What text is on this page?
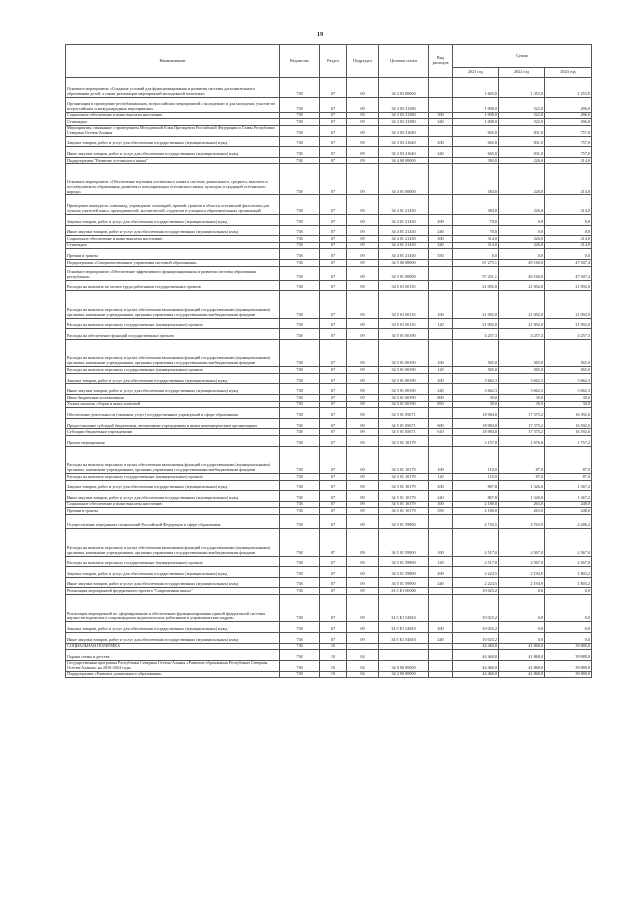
19
Наименование	Ведомство	Раздел	Подраздел	Целевая статья	Вид расходов	Сумма		
						2021 год	2022 год	2023 год
Основное мероприятие «Создание условий для функционирования и развития системы дополнительного образования детей, а также реализации мероприятий молодежной политики»	738	07	09	34 3 03 00000		1 665,0	1 353,0	1 253,0
Организация и проведение республиканских, всероссийских мероприятий с молодежью и для молодежи, участие во всероссийских и международных мероприятиях	738	07	09	34 3 03 21580		1 000,0	522,0	496,0
Социальное обеспечение и иные выплаты населению	738	07	09	34 3 03 21580	300	1 000,0	522,0	496,0
Стипендии	738	07	09	34 3 03 21580	340	1 000,0	522,0	496,0
Мероприятия, связанные с проведением Молодежной Елки Президента Российской Федерации и Главы Республики Северная Осетия-Алания	738	07	09	34 3 03 21640		665,0	831,0	757,0
Закупка товаров, работ и услуг для обеспечения государственных (муниципальных) нужд	738	07	09	34 3 03 21640	200	665,0	831,0	757,0
Иные закупки товаров, работ и услуг для обеспечения государственных (муниципальных) нужд	738	07	09	34 3 03 21640	240	665,0	831,0	757,0
Подпрограмма "Развитие осетинского языка"	738	07	09	34 4 00 00000		384,0	226,0	214,0
Основное мероприятие «Обеспечение изучения осетинского языка в системе дошкольного, среднего, высшего и послевузовского образования, развития и популяризации осетинского языка, культуры и традиций осетинского народа»	738	07	09	34 4 01 00000		384,0	226,0	214,0
Проведение конкурсов, олимпиад, учреждение стипендий, премий, грантов в области осетинской филологии для лучших учителей школ, преподавателей, воспитателей, студентов и учащихся образовательных организаций	738	07	09	34 4 01 21430		384,0	226,0	214,0
Закупка товаров, работ и услуг для обеспечения государственных (муниципальных) нужд	738	07	09	34 4 01 21430	200	70,0	0,0	0,0
Иные закупки товаров, работ и услуг для обеспечения государственных (муниципальных) нужд	738	07	09	34 4 01 21430	240	70,0	0,0	0,0
Социальное обеспечение и иные выплаты населению	738	07	09	34 4 01 21430	300	314,0	226,0	214,0
Стипендии	738	07	09	34 4 01 21430	340	314,0	226,0	214,0
Премии и гранты	738	07	09	34 4 01 21430	350	0,0	0,0	0,0
Подпрограмма «Совершенствование управления системой образования»	738	07	09	34 5 00 00000		67 275,1	49 160,0	47 947,4
Основное мероприятие «Обеспечение эффективного функционирования и развития системы образования республики»	738	07	09	34 5 01 00000		57 251,1	49 160,0	47 947,4
Расходы на выплаты по оплате труда работников государственных органов	738	07	09	34 5 01 00110		21 092,0	21 092,0	21 092,0
Расходы на выплаты персоналу в целях обеспечения выполнения функций государственными (муниципальными) органами, казенными учреждениями, органами управления государственными внебюджетными фондами	738	07	09	34 5 01 00110	100	21 092,0	21 092,0	21 092,0
Расходы на выплаты персоналу государственных (муниципальных) органов	738	07	09	34 5 01 00110	120	21 092,0	21 092,0	21 092,0
Расходы на обеспечение функций государственных органов	738	07	09	34 5 01 00190		4 257,3	4 257,3	4 257,3
Расходы на выплаты персоналу в целях обеспечения выполнения функций государственными (муниципальными) органами, казенными учреждениями, органами управления государственными внебюджетными фондами	738	07	09	34 5 01 00190	100	565,0	565,0	565,0
Расходы на выплаты персоналу государственных (муниципальных) органов	738	07	09	34 5 01 00190	120	565,0	565,0	565,0
Закупка товаров, работ и услуг для обеспечения государственных (муниципальных) нужд	738	07	09	34 5 01 00190	200	3 662,3	3 662,3	3 662,3
Иные закупки товаров, работ и услуг для обеспечения государственных (муниципальных) нужд	738	07	09	34 5 01 00190	240	3 662,3	3 662,3	3 662,3
Иные бюджетные ассигнования	738	07	09	34 5 01 00190	800	30,0	30,0	30,0
Уплата налогов, сборов и иных платежей	738	07	09	34 5 01 00190	850	30,0	30,0	30,0
Обеспечение деятельности (оказание услуг) государственных учреждений в сфере образования	738	07	09	34 5 01 05671		18 984,0	17 375,2	16 592,0
Предоставление субсидий бюджетным, автономным учреждениям и иным некоммерческим организациям	738	07	09	34 5 01 05671	600	18 984,0	17 375,2	16 592,0
Субсидии бюджетным учреждениям	738	07	09	34 5 01 05671	610	18 984,0	17 375,2	16 592,0
Прочие мероприятия	738	07	09	34 5 01 10179		3 157,8	1 676,6	1 757,2
Расходы на выплаты персоналу в целях обеспечения выполнения функций государственными (муниципальными) органами, казенными учреждениями, органами управления государственными внебюджетными фондами	738	07	09	34 5 01 10179	100	110,0	87,0	87,0
Расходы на выплаты персоналу государственных (муниципальных) органов	738	07	09	34 5 01 10179	120	110,0	87,0	87,0
Закупка товаров, работ и услуг для обеспечения государственных (муниципальных) нужд	738	07	09	34 5 01 10179	200	867,8	1 326,6	1 367,2
Иные закупки товаров, работ и услуг для обеспечения государственных (муниципальных) нужд	738	07	09	34 5 01 10179	240	867,8	1 326,6	1 367,2
Социальное обеспечение и иные выплаты населению	738	07	09	34 5 01 10179	300	2 180,0	263,0	248,0
Премии и гранты	738	07	09	34 5 01 10179	350	2 180,0	263,0	248,0
Осуществление переданных полномочий Российской Федерации в сфере образования	738	07	09	34 5 01 59900		4 743,5	4 763,9	4 286,2
Расходы на выплаты персоналу в целях обеспечения выполнения функций государственными (муниципальными) органами, казенными учреждениями, органами управления государственными внебюджетными фондами	738	07	09	34 5 01 59900	100	2 517,0	2 567,0	2 567,0
Расходы на выплаты персоналу государственных (муниципальных) органов	738	07	09	34 5 01 59900	120	2 517,0	2 567,0	2 567,0
Закупка товаров, работ и услуг для обеспечения государственных (муниципальных) нужд	738	07	09	34 5 01 59900	200	2 224,5	2 194,9	1 803,2
Иные закупки товаров, работ и услуг для обеспечения государственных (муниципальных) нужд	738	07	09	34 5 01 59900	240	2 224,5	2 194,9	1 803,2
Реализация мероприятий федерального проекта "Современная школа"	738	07	09	34 5 E1 00000		10 023,2	0,0	0,0
Реализация мероприятий по «формированию и обеспечению функционирования единой федеральной системы научно-методического сопровождения педагогических работников и управленческих кадров»	738	07	09	34 5 E1 54810		10 023,2	0,0	0,0
Закупка товаров, работ и услуг для обеспечения государственных (муниципальных) нужд	738	07	09	34 5 E1 54810	200	10 023,2	0,0	0,0
Иные закупки товаров, работ и услуг для обеспечения государственных (муниципальных) нужд	738	07	09	34 5 E1 54810	240	10 023,2	0,0	0,0
СОЦИАЛЬНАЯ ПОЛИТИКА	738	10				44 460,0	41 868,0	39 880,0
Охрана семьи и детства	738	10	04			44 460,0	41 868,0	39 880,0
Государственная программа Республики Северная Осетия-Алания «Развитие образования Республики Северная Осетия-Алания» на 2016-2024 годы	738	10	04	34 0 00 00000		44 460,0	41 868,0	39 880,0
Подпрограмма «Развитие дошкольного образования»	738	10	04	34 2 00 00000		44 460,0	41 868,0	39 880,0
